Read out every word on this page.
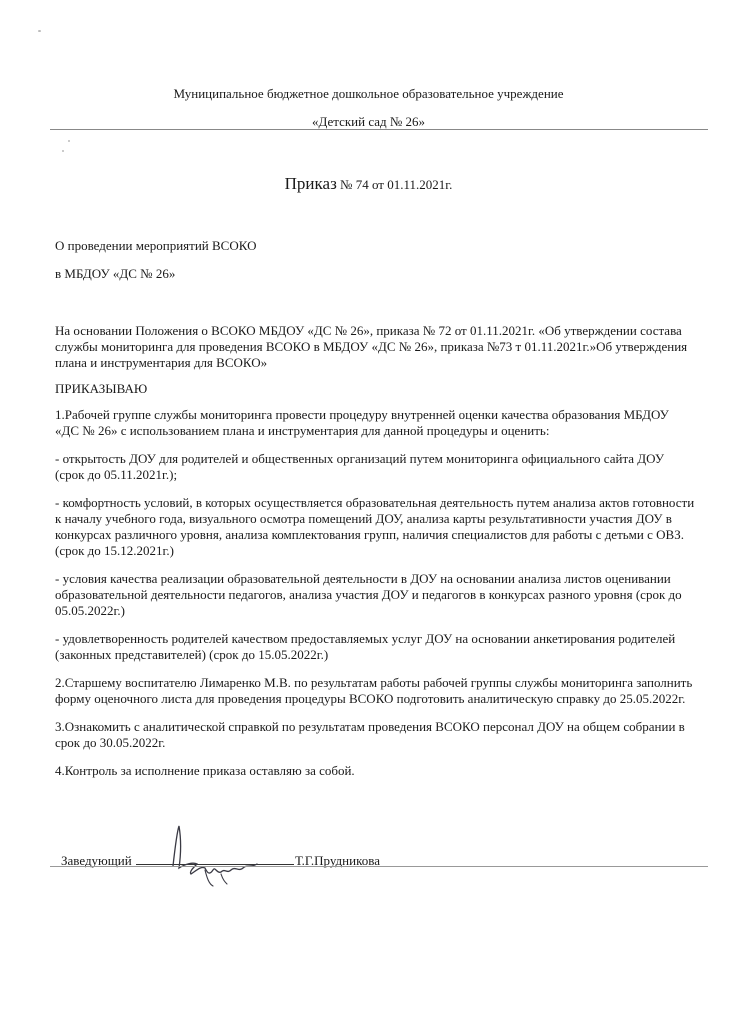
Муниципальное бюджетное дошкольное образовательное учреждение
«Детский сад № 26»
Приказ № 74 от 01.11.2021г.
О проведении мероприятий ВСОКО
в МБДОУ «ДС № 26»

На основании Положения о ВСОКО МБДОУ «ДС № 26», приказа № 72 от 01.11.2021г. «Об утверждении состава службы мониторинга для проведения ВСОКО в МБДОУ «ДС № 26», приказа №73 т 01.11.2021г.»Об утверждения плана и инструментария для ВСОКО»

ПРИКАЗЫВАЮ

1.Рабочей группе службы мониторинга провести процедуру внутренней оценки качества образования МБДОУ «ДС № 26» с использованием плана и инструментария для данной процедуры и оценить:

- открытость ДОУ для родителей и общественных организаций путем мониторинга официального сайта ДОУ (срок до 05.11.2021г.);

- комфортность условий, в которых осуществляется образовательная деятельность путем анализа актов готовности к началу учебного года, визуального осмотра помещений ДОУ, анализа карты результативности участия ДОУ в конкурсах различного уровня, анализа комплектования групп, наличия специалистов для работы с детьми с ОВЗ. (срок до 15.12.2021г.)

- условия качества реализации образовательной деятельности в ДОУ на основании анализа листов оценивании образовательной деятельности педагогов, анализа участия ДОУ и педагогов в конкурсах разного уровня (срок до 05.05.2022г.)

- удовлетворенность родителей качеством предоставляемых услуг ДОУ на основании анкетирования родителей (законных представителей) (срок до 15.05.2022г.)

2.Старшему воспитателю Лимаренко М.В. по результатам работы рабочей группы службы мониторинга заполнить форму оценочного листа для проведения процедуры ВСОКО подготовить аналитическую справку до 25.05.2022г.

3.Ознакомить с аналитической справкой по результатам проведения ВСОКО персонал ДОУ на общем собрании в срок до 30.05.2022г.

4.Контроль за исполнение приказа оставляю за собой.

Заведующий	Т.Г.Прудникова
